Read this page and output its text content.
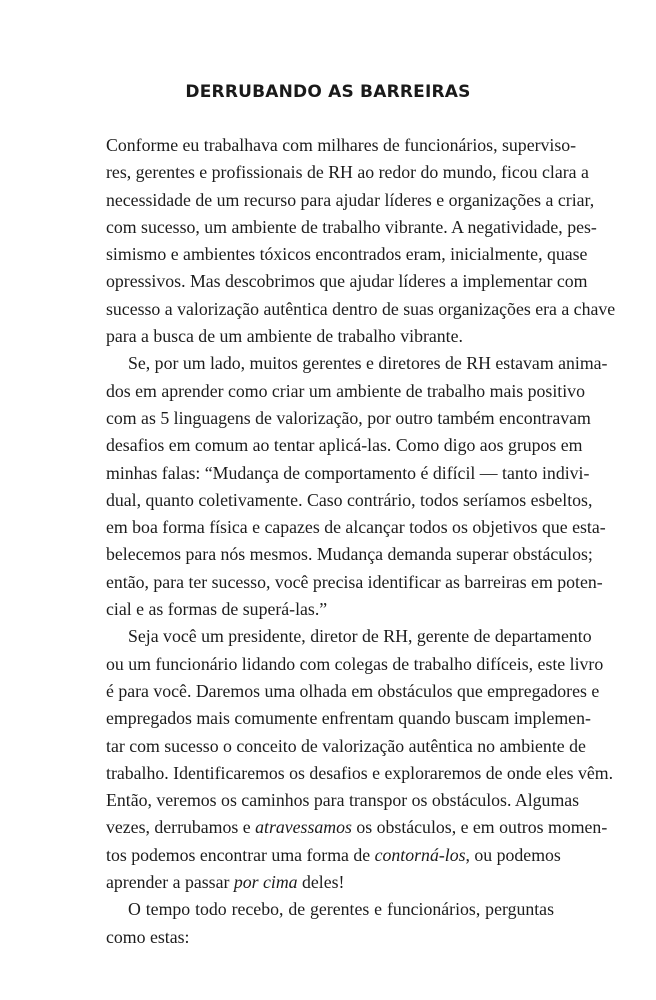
DERRUBANDO AS BARREIRAS
Conforme eu trabalhava com milhares de funcionários, superviso-
res, gerentes e profissionais de RH ao redor do mundo, ficou clara a
necessidade de um recurso para ajudar líderes e organizações a criar,
com sucesso, um ambiente de trabalho vibrante. A negatividade, pes-
simismo e ambientes tóxicos encontrados eram, inicialmente, quase
opressivos. Mas descobrimos que ajudar líderes a implementar com
sucesso a valorização autêntica dentro de suas organizações era a chave
para a busca de um ambiente de trabalho vibrante.
Se, por um lado, muitos gerentes e diretores de RH estavam anima-
dos em aprender como criar um ambiente de trabalho mais positivo
com as 5 linguagens de valorização, por outro também encontravam
desafios em comum ao tentar aplicá-las. Como digo aos grupos em
minhas falas: “Mudança de comportamento é difícil — tanto indivi-
dual, quanto coletivamente. Caso contrário, todos seríamos esbeltos,
em boa forma física e capazes de alcançar todos os objetivos que esta-
belecemos para nós mesmos. Mudança demanda superar obstáculos;
então, para ter sucesso, você precisa identificar as barreiras em poten-
cial e as formas de superá-las.”
Seja você um presidente, diretor de RH, gerente de departamento
ou um funcionário lidando com colegas de trabalho difíceis, este livro
é para você. Daremos uma olhada em obstáculos que empregadores e
empregados mais comumente enfrentam quando buscam implemen-
tar com sucesso o conceito de valorização autêntica no ambiente de
trabalho. Identificaremos os desafios e exploraremos de onde eles vêm.
Então, veremos os caminhos para transpor os obstáculos. Algumas
vezes, derrubamos e atravessamos os obstáculos, e em outros momen-
tos podemos encontrar uma forma de contorná-los, ou podemos
aprender a passar por cima deles!
O tempo todo recebo, de gerentes e funcionários, perguntas
como estas:
